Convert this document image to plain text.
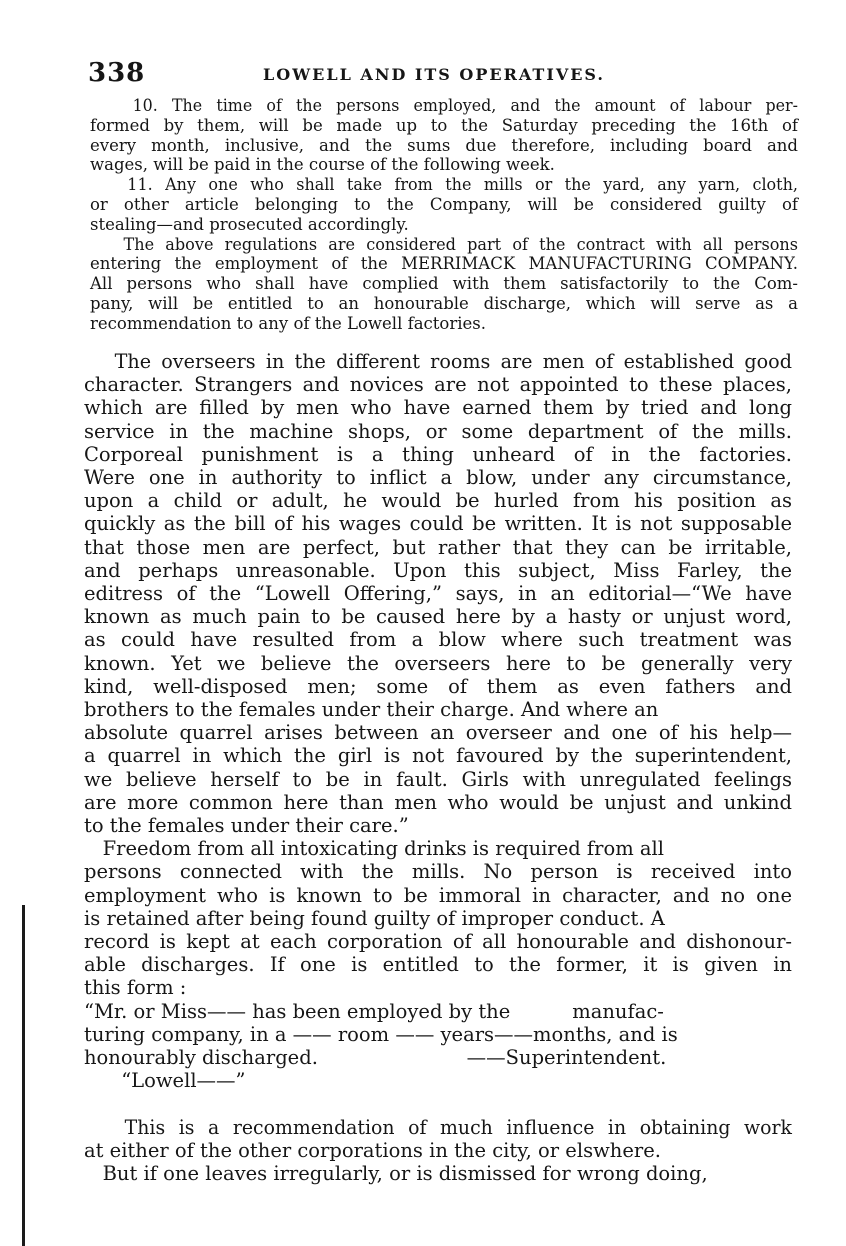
338	LOWELL AND ITS OPERATIVES.
10. The time of the persons employed, and the amount of labour per-
formed by them, will be made up to the Saturday preceding the 16th of
every month, inclusive, and the sums due therefore, including board and
wages, will be paid in the course of the following week.
11. Any one who shall take from the mills or the yard, any yarn, cloth,
or other article belonging to the Company, will be considered guilty of
stealing—and prosecuted accordingly.
The above regulations are considered part of the contract with all persons
entering the employment of the MERRIMACK MANUFACTURING COMPANY.
All persons who shall have complied with them satisfactorily to the Com-
pany, will be entitled to an honourable discharge, which will serve as a
recommendation to any of the Lowell factories.
The overseers in the different rooms are men of established good
character. Strangers and novices are not appointed to these places,
which are filled by men who have earned them by tried and long
service in the machine shops, or some department of the mills.
Corporeal punishment is a thing unheard of in the factories.
Were one in authority to inflict a blow, under any circumstance,
upon a child or adult, he would be hurled from his position as
quickly as the bill of his wages could be written. It is not supposable
that those men are perfect, but rather that they can be irritable,
and perhaps unreasonable. Upon this subject, Miss Farley, the
editress of the “Lowell Offering,” says, in an editorial—“We have
known as much pain to be caused here by a hasty or unjust word,
as could have resulted from a blow where such treatment was
known. Yet we believe the overseers here to be generally very
kind, well-disposed men; some of them as even fathers and
brothers to the females under their charge. And where an
absolute quarrel arises between an overseer and one of his help—
a quarrel in which the girl is not favoured by the superintendent,
we believe herself to be in fault. Girls with unregulated feelings
are more common here than men who would be unjust and unkind
to the females under their care.”
Freedom from all intoxicating drinks is required from all
persons connected with the mills. No person is received into
employment who is known to be immoral in character, and no one
is retained after being found guilty of improper conduct. A
record is kept at each corporation of all honourable and dishonour-
able discharges. If one is entitled to the former, it is given in
this form :
“Mr. or Miss—— has been employed by the          manufac-
turing company, in a —— room —— years——months, and is
honourably discharged.                        ——Superintendent.
“Lowell——”
This is a recommendation of much influence in obtaining work
at either of the other corporations in the city, or elswhere.
But if one leaves irregularly, or is dismissed for wrong doing,
